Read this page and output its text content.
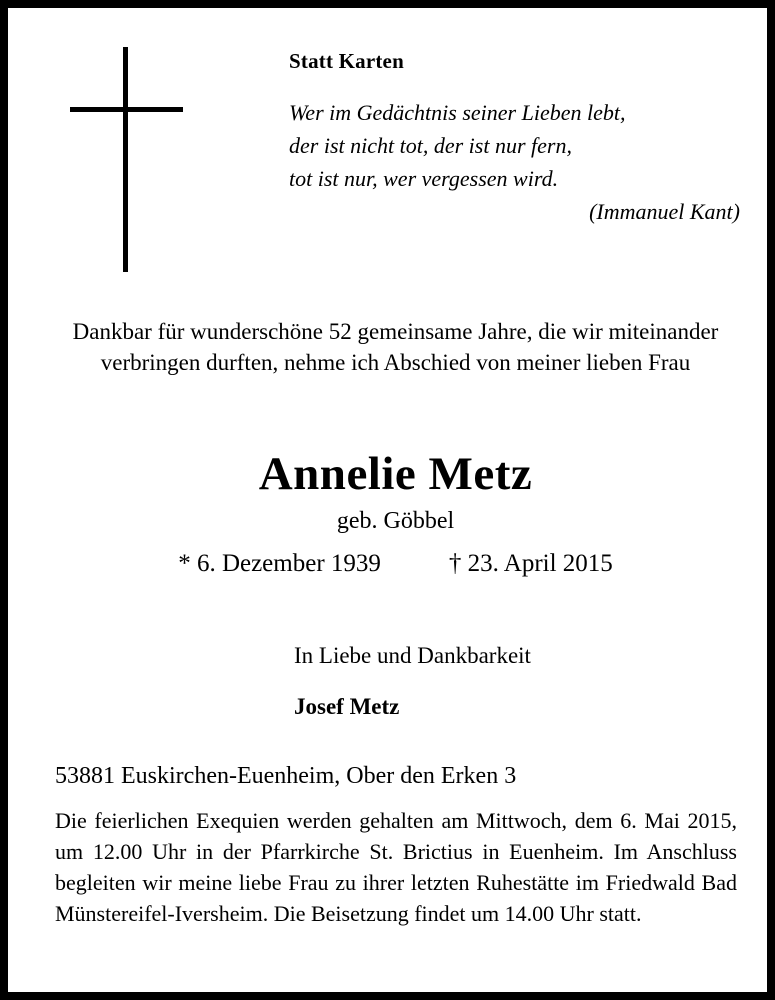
Statt Karten

Wer im Gedächtnis seiner Lieben lebt,

der ist nicht tot, der ist nur fern,

tot ist nur, wer vergessen wird.

(Immanuel Kant)

Dankbar für wunderschöne 52 gemeinsame Jahre, die wir miteinander verbringen durften, nehme ich Abschied von meiner lieben Frau

Annelie Metz

geb. Göbbel

* 6. Dezember 1939	† 23. April 2015

In Liebe und Dankbarkeit

Josef Metz

53881 Euskirchen-Euenheim, Ober den Erken 3

Die feierlichen Exequien werden gehalten am Mittwoch, dem 6. Mai 2015, um 12.00 Uhr in der Pfarrkirche St. Brictius in Euenheim. Im Anschluss begleiten wir meine liebe Frau zu ihrer letzten Ruhestätte im Friedwald Bad Münstereifel-Iversheim. Die Beisetzung findet um 14.00 Uhr statt.
